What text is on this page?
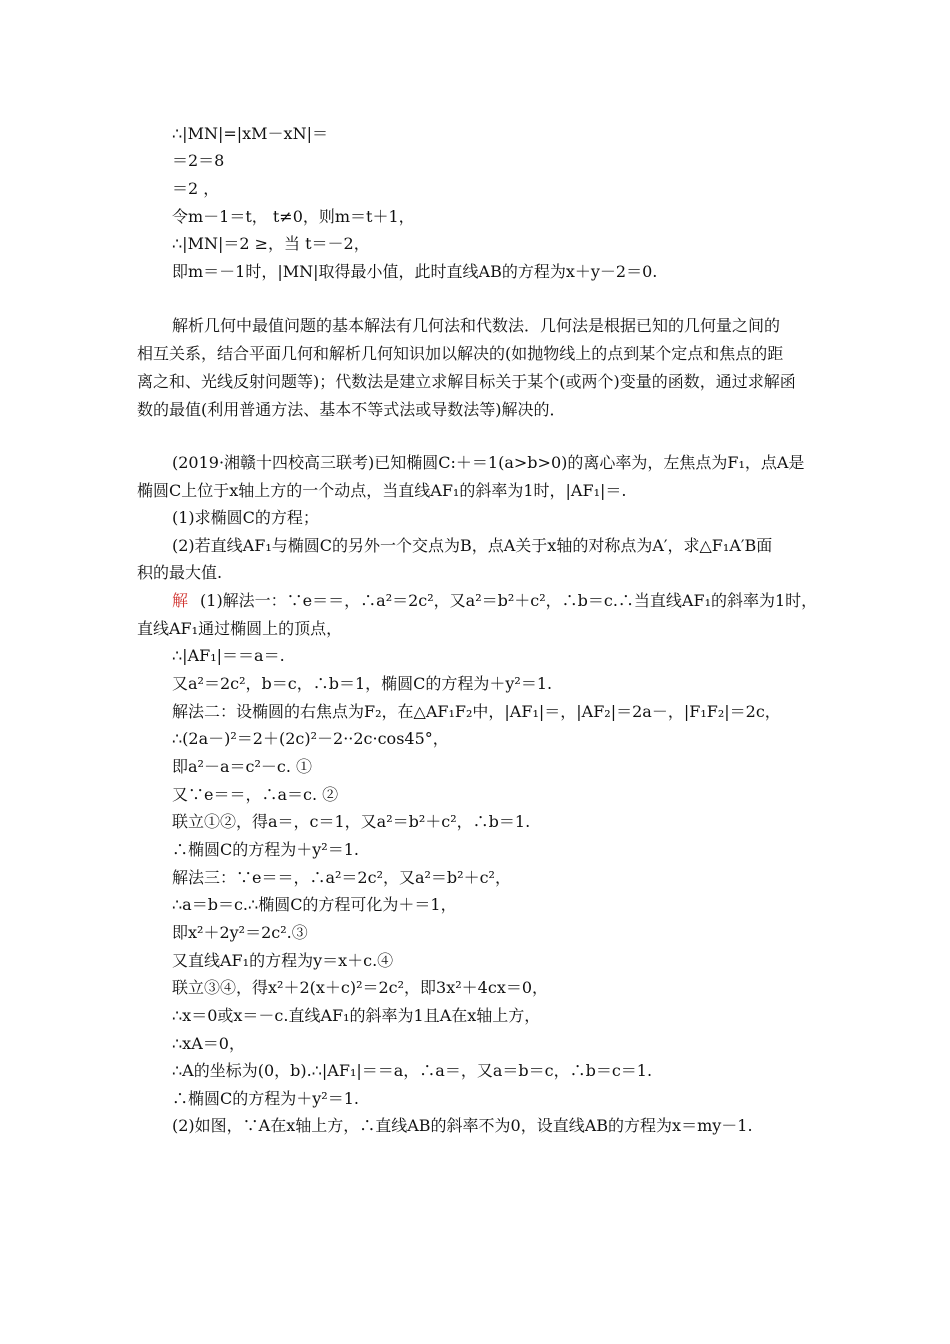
∴|MN|=|xM－xN|＝
＝2＝8
＝2 ，
令m－1＝t， t≠0，则m＝t＋1，
∴|MN|＝2 ≥，当 t＝－2，
即m＝－1时，|MN|取得最小值，此时直线AB的方程为x＋y－2＝0.
解析几何中最值问题的基本解法有几何法和代数法．几何法是根据已知的几何量之间的
相互关系，结合平面几何和解析几何知识加以解决的(如抛物线上的点到某个定点和焦点的距
离之和、光线反射问题等)；代数法是建立求解目标关于某个(或两个)变量的函数，通过求解函
数的最值(利用普通方法、基本不等式法或导数法等)解决的．
(2019·湘赣十四校高三联考)已知椭圆C:＋＝1(a>b>0)的离心率为，左焦点为F₁，点A是
椭圆C上位于x轴上方的一个动点，当直线AF₁的斜率为1时，|AF₁|＝.
(1)求椭圆C的方程；
(2)若直线AF₁与椭圆C的另外一个交点为B，点A关于x轴的对称点为A′，求△F₁A′B面
积的最大值.
解 (1)解法一：∵e＝＝，∴a²＝2c²，又a²＝b²＋c²，∴b＝c.∴当直线AF₁的斜率为1时，
直线AF₁通过椭圆上的顶点，
∴|AF₁|＝＝a＝.
又a²＝2c²，b＝c，∴b＝1，椭圆C的方程为＋y²＝1.
解法二：设椭圆的右焦点为F₂，在△AF₁F₂中，|AF₁|＝，|AF₂|＝2a－，|F₁F₂|＝2c，
∴(2a－)²＝2＋(2c)²－2··2c·cos45°，
即a²－a＝c²－c. ①
又∵e＝＝，∴a＝c. ②
联立①②，得a＝，c＝1，又a²＝b²＋c²，∴b＝1.
∴椭圆C的方程为＋y²＝1.
解法三：∵e＝＝，∴a²＝2c²，又a²＝b²＋c²，
∴a＝b＝c.∴椭圆C的方程可化为＋＝1，
即x²＋2y²＝2c².③
又直线AF₁的方程为y＝x＋c.④
联立③④，得x²＋2(x＋c)²＝2c²，即3x²＋4cx＝0，
∴x＝0或x＝－c.直线AF₁的斜率为1且A在x轴上方，
∴xA＝0，
∴A的坐标为(0，b).∴|AF₁|＝＝a，∴a＝，又a＝b＝c，∴b＝c＝1.
∴椭圆C的方程为＋y²＝1.
(2)如图，∵A在x轴上方，∴直线AB的斜率不为0，设直线AB的方程为x＝my－1.
